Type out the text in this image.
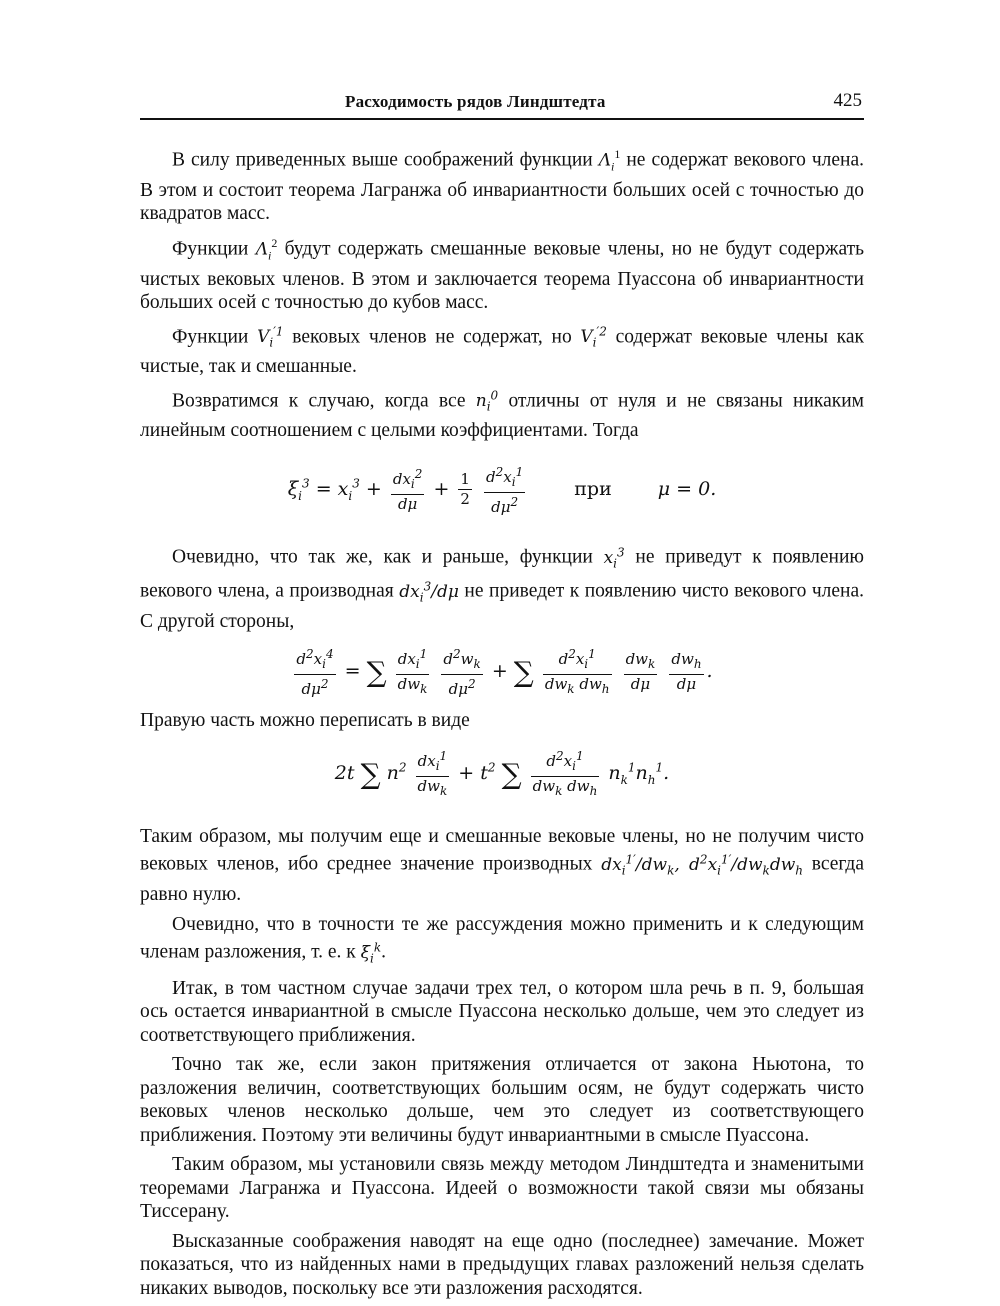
Расходимость рядов Линдштедта	425

В силу приведенных выше соображений функции $\Lambda_i^1$ не содержат векового члена. В этом и состоит теорема Лагранжа об инвариантности больших осей с точностью до квадратов масс.

Функции $\Lambda_i^2$ будут содержать смешанные вековые члены, но не будут содержать чистых вековых членов. В этом и заключается теорема Пуассона об инвариантности больших осей с точностью до кубов масс.

Функции $V_i^{'1}$ вековых членов не содержат, но $V_i^{'2}$ содержат вековые члены как чистые, так и смешанные.

Возвратимся к случаю, когда все $n_i^0$ отличны от нуля и не связаны никаким линейным соотношением с целыми коэффициентами. Тогда

$\xi_i^3 = x_i^3 + \frac{dx_i^2}{d\mu} + \frac{1}{2}$
$\frac{d^2x_i^1}{d\mu^2}$	при μ = 0.

Очевидно, что так же, как и раньше, функции $x_i^3$ не приведут к появлению векового члена, а производная $dx_i^3/d\mu$ не приведет к появлению чисто векового члена. С другой стороны,

$\frac{d^2x_i^4}{d\mu^2}$ = ∑ $\frac{dx_i^1}{dw_k}$
$\frac{d^2w_k}{d\mu^2}$ + ∑ $\frac{d^2x_i^1}{dw_k dw_h}$
$\frac{dw_k}{d\mu}$
$\frac{dw_h}{d\mu}$ .

Правую часть можно переписать в виде

2t ∑ $n^2 \frac{dx_i^1}{dw_k} + t^2$ ∑ $\frac{d^2x_i^1}{dw_k dw_h} n_k^1n_h^1$.

Таким образом, мы получим еще и смешанные вековые члены, но не получим чисто вековых членов, ибо среднее значение производных $dx_i^{1'}/dw_k$, $d^2x_i^{1'}/dw_kdw_h$ всегда равно нулю.

Очевидно, что в точности те же рассуждения можно применить и к следующим членам разложения, т. е. к $\xi_i^k$.

Итак, в том частном случае задачи трех тел, о котором шла речь в п. 9, большая ось остается инвариантной в смысле Пуассона несколько дольше, чем это следует из соответствующего приближения.

Точно так же, если закон притяжения отличается от закона Ньютона, то разложения величин, соответствующих большим осям, не будут содержать чисто вековых членов несколько дольше, чем это следует из соответствующего приближения. Поэтому эти величины будут инвариантными в смысле Пуассона.

Таким образом, мы установили связь между методом Линдштедта и знаменитыми теоремами Лагранжа и Пуассона. Идеей о возможности такой связи мы обязаны Тиссерану.

Высказанные соображения наводят на еще одно (последнее) замечание. Может показаться, что из найденных нами в предыдущих главах разложений нельзя сделать никаких выводов, поскольку все эти разложения расходятся.
